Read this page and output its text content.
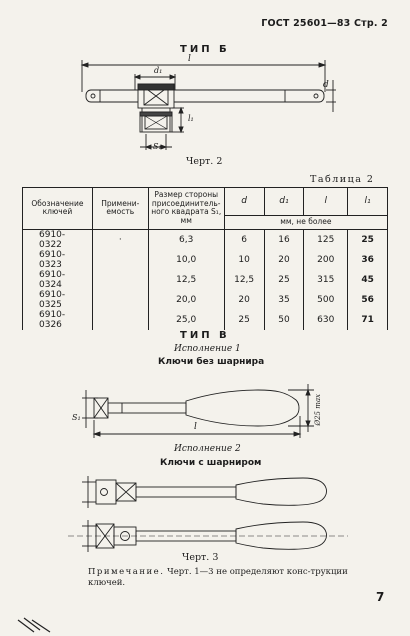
ГОСТ 25601—83 Стр. 2
ТИП Б
l
d₁
d
l₁
S₁
Черт. 2
Таблица 2
Обозначение ключей	Примени-емость	Размер стороны присоединитель-ного квадрата S₁, мм	d	d₁	l	l₁
			мм, не более			
6910-0322	·	6,3	6	16	125	25
6910-0323		10,0	10	20	200	36
6910-0324		12,5	12,5	25	315	45
6910-0325		20,0	20	35	500	56
6910-0326		25,0	25	50	630	71
ТИП В
Исполнение 1
Ключи без шарнира
S₁	Ø25 max
l
Исполнение 2
Ключи с шарниром
Черт. 3
Примечание. Черт. 1—3 не определяют конс-трукции ключей.
7
